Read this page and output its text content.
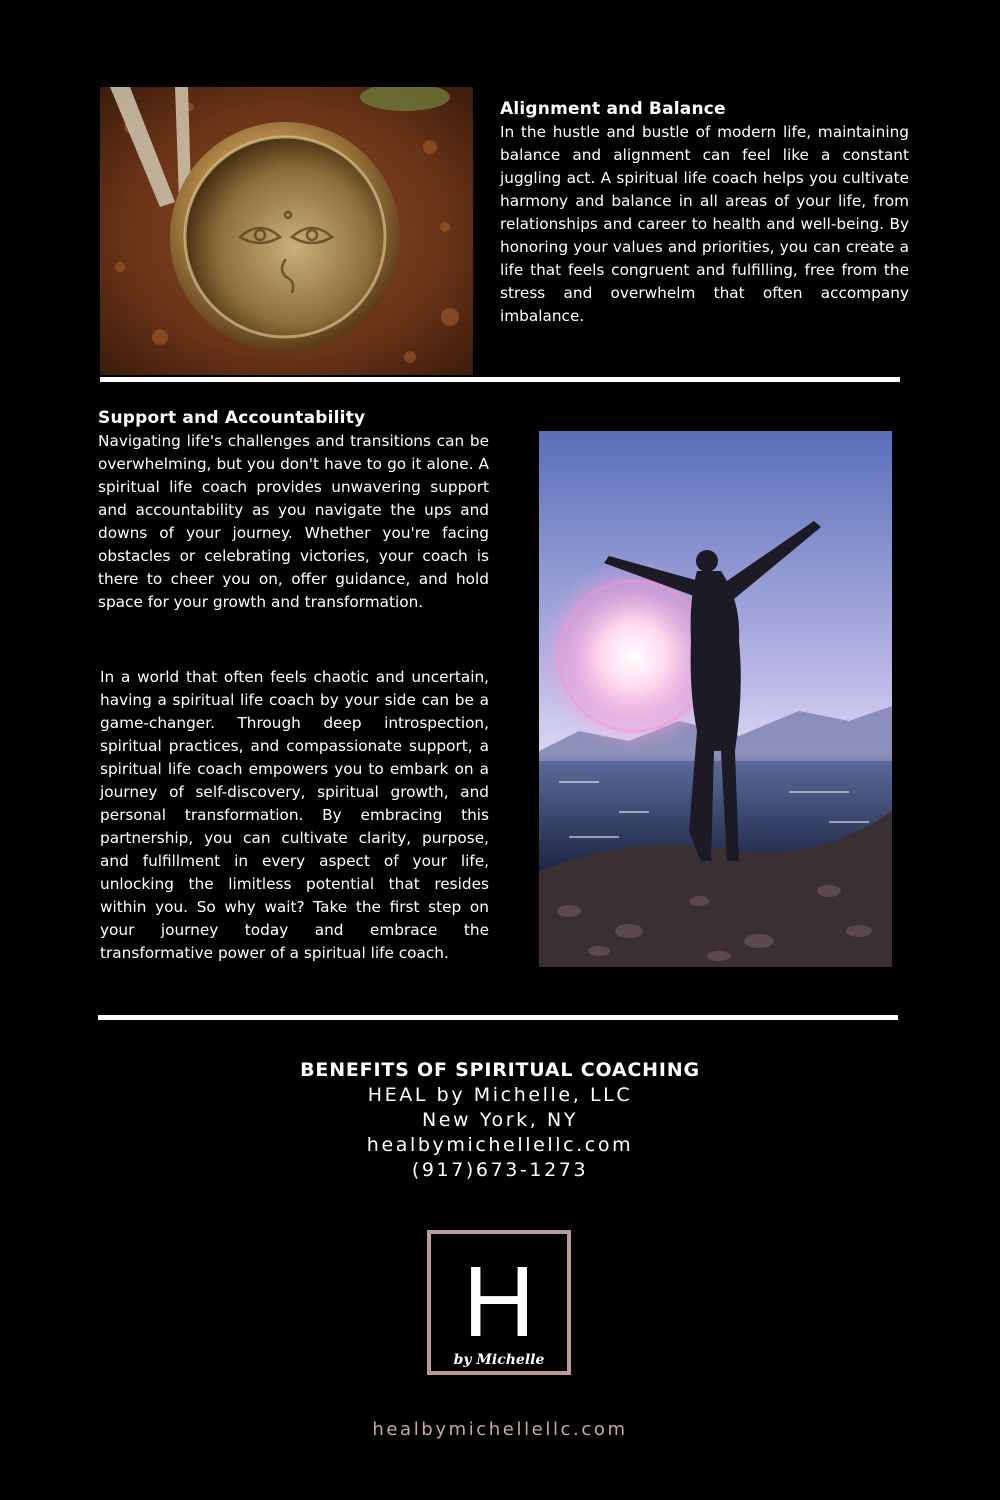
Alignment and Balance

In the hustle and bustle of modern life, maintaining balance and alignment can feel like a constant juggling act. A spiritual life coach helps you cultivate harmony and balance in all areas of your life, from relationships and career to health and well-being. By honoring your values and priorities, you can create a life that feels congruent and fulfilling, free from the stress and overwhelm that often accompany imbalance.

Support and Accountability

Navigating life's challenges and transitions can be overwhelming, but you don't have to go it alone. A spiritual life coach provides unwavering support and accountability as you navigate the ups and downs of your journey. Whether you're facing obstacles or celebrating victories, your coach is there to cheer you on, offer guidance, and hold space for your growth and transformation.

In a world that often feels chaotic and uncertain, having a spiritual life coach by your side can be a game-changer. Through deep introspection, spiritual practices, and compassionate support, a spiritual life coach empowers you to embark on a journey of self-discovery, spiritual growth, and personal transformation. By embracing this partnership, you can cultivate clarity, purpose, and fulfillment in every aspect of your life, unlocking the limitless potential that resides within you. So why wait? Take the first step on your journey today and embrace the transformative power of a spiritual life coach.

BENEFITS OF SPIRITUAL COACHING
HEAL by Michelle, LLC
New York, NY
healbymichellellc.com
(917)673-1273
H
by Michelle
healbymichellellc.com
